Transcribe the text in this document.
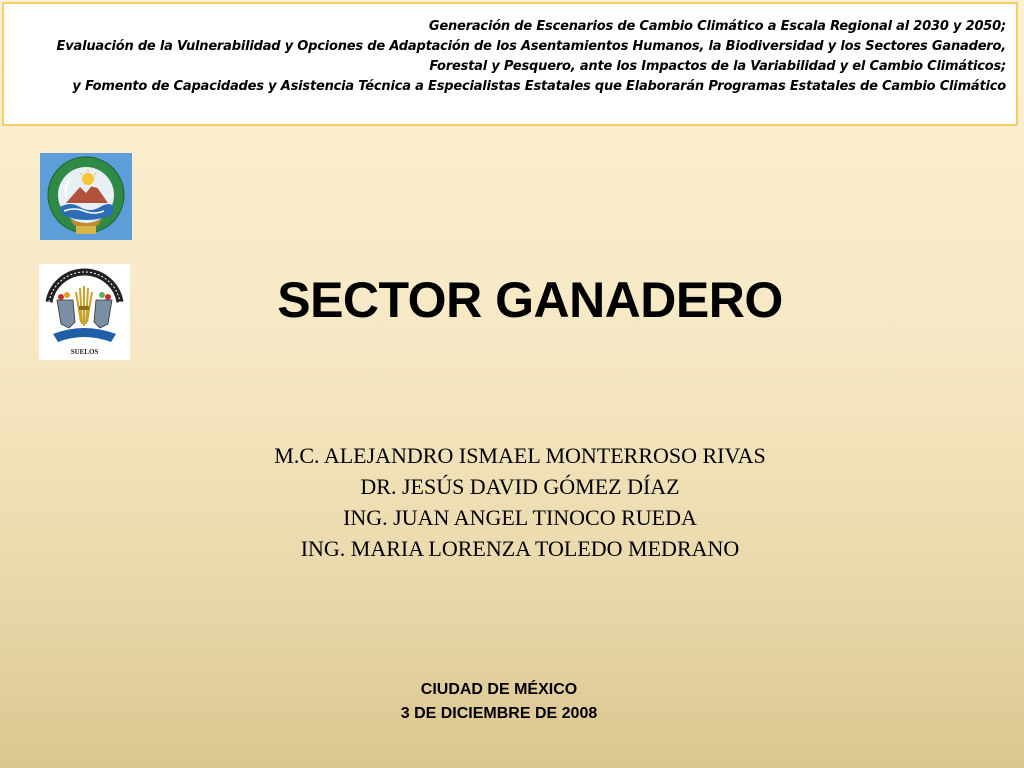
Generación de Escenarios de Cambio Climático a Escala Regional al 2030 y 2050;
Evaluación de la Vulnerabilidad y Opciones de Adaptación de los Asentamientos Humanos, la Biodiversidad y los Sectores Ganadero, Forestal y Pesquero, ante los Impactos de la Variabilidad y el Cambio Climáticos;
y Fomento de Capacidades y Asistencia Técnica a Especialistas Estatales que Elaborarán Programas Estatales de Cambio Climático
SUELOS
SECTOR GANADERO
M.C. ALEJANDRO ISMAEL MONTERROSO RIVAS
DR. JESÚS DAVID GÓMEZ DÍAZ
ING. JUAN ANGEL TINOCO RUEDA
ING. MARIA LORENZA TOLEDO MEDRANO
CIUDAD DE MÉXICO
3 DE DICIEMBRE DE 2008
